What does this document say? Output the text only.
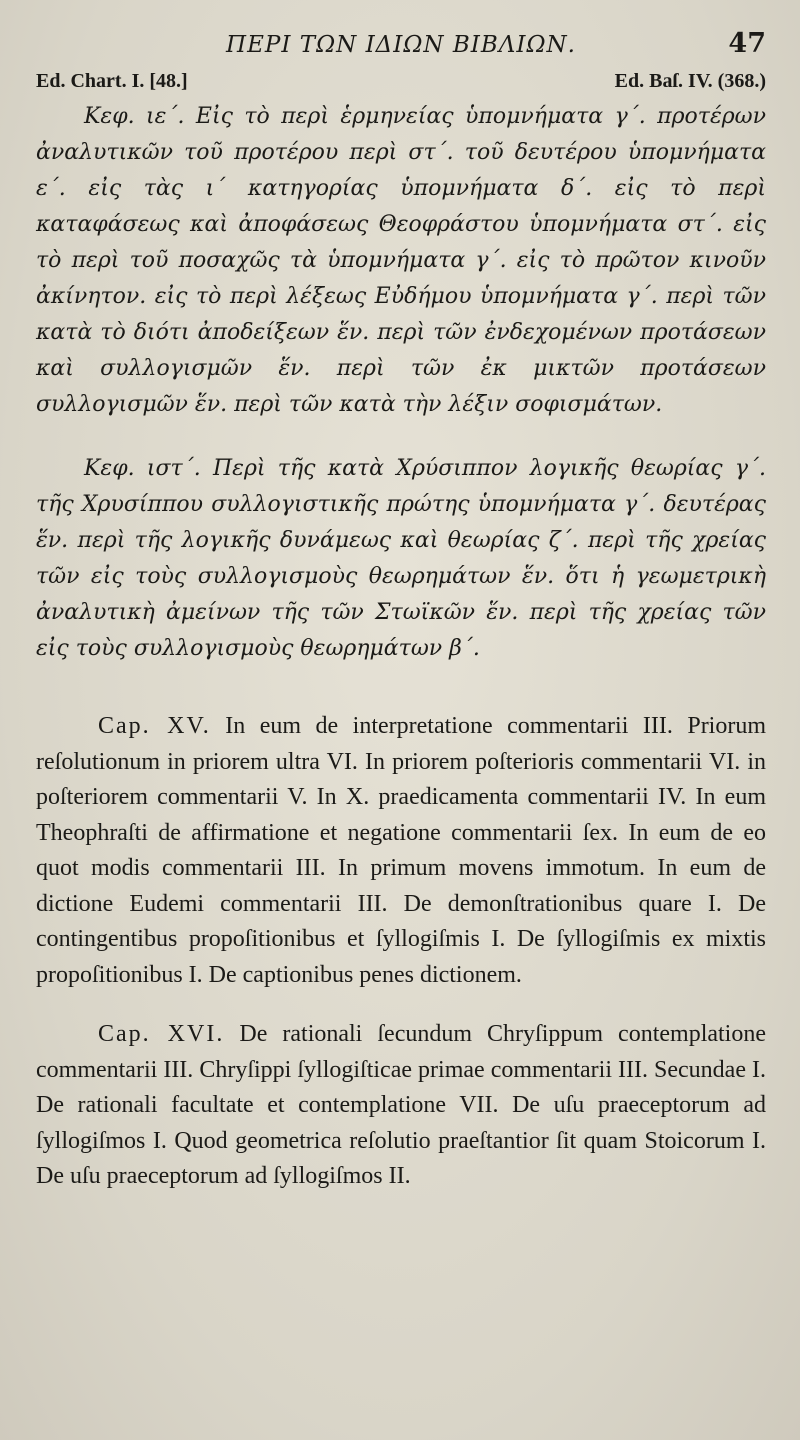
ΠΕΡΙ ΤΩΝ ΙΔΙΩΝ ΒΙΒΛΙΩΝ.	47
Ed. Chart. I. [48.]	Ed. Baſ. IV. (368.)

Κεφ. ιε΄. Εἰς τὸ περὶ ἑρμηνείας ὑπομνήματα γ΄. προτέρων ἀναλυτικῶν τοῦ προτέρου περὶ στ΄. τοῦ δευτέρου ὑπομνήματα ε΄. εἰς τὰς ι΄ κατηγορίας ὑπομνήματα δ΄. εἰς τὸ περὶ καταφάσεως καὶ ἀποφάσεως Θεοφράστου ὑπομνήματα στ΄. εἰς τὸ περὶ τοῦ ποσαχῶς τὰ ὑπομνήματα γ΄. εἰς τὸ πρῶτον κινοῦν ἀκίνητον. εἰς τὸ περὶ λέξεως Εὐδήμου ὑπομνήματα γ΄. περὶ τῶν κατὰ τὸ διότι ἀποδείξεων ἕν. περὶ τῶν ἐνδεχομένων προτάσεων καὶ συλλογισμῶν ἕν. περὶ τῶν ἐκ μικτῶν προτάσεων συλλογισμῶν ἕν. περὶ τῶν κατὰ τὴν λέξιν σοφισμάτων.

Κεφ. ιστ΄. Περὶ τῆς κατὰ Χρύσιππον λογικῆς θεωρίας γ΄. τῆς Χρυσίππου συλλογιστικῆς πρώτης ὑπομνήματα γ΄. δευτέρας ἕν. περὶ τῆς λογικῆς δυνάμεως καὶ θεωρίας ζ΄. περὶ τῆς χρείας τῶν εἰς τοὺς συλλογισμοὺς θεωρημάτων ἕν. ὅτι ἡ γεωμετρικὴ ἀναλυτικὴ ἀμείνων τῆς τῶν Στωϊκῶν ἕν. περὶ τῆς χρείας τῶν εἰς τοὺς συλλογισμοὺς θεωρημάτων β΄.

Cap. XV. In eum de interpretatione commentarii III. Priorum reſolutionum in priorem ultra VI. In priorem poſterioris commentarii VI. in poſteriorem commentarii V. In X. praedicamenta commentarii IV. In eum Theophraſti de affirmatione et negatione commentarii ſex. In eum de eo quot modis commentarii III. In primum movens immotum. In eum de dictione Eudemi commentarii III. De demonſtrationibus quare I. De contingentibus propoſitionibus et ſyllogiſmis I. De ſyllogiſmis ex mixtis propoſitionibus I. De captionibus penes dictionem.

Cap. XVI. De rationali ſecundum Chryſippum contemplatione commentarii III. Chryſippi ſyllogiſticae primae commentarii III. Secundae I. De rationali facultate et contemplatione VII. De uſu praeceptorum ad ſyllogiſmos I. Quod geometrica reſolutio praeſtantior ſit quam Stoicorum I. De uſu praeceptorum ad ſyllogiſmos II.
